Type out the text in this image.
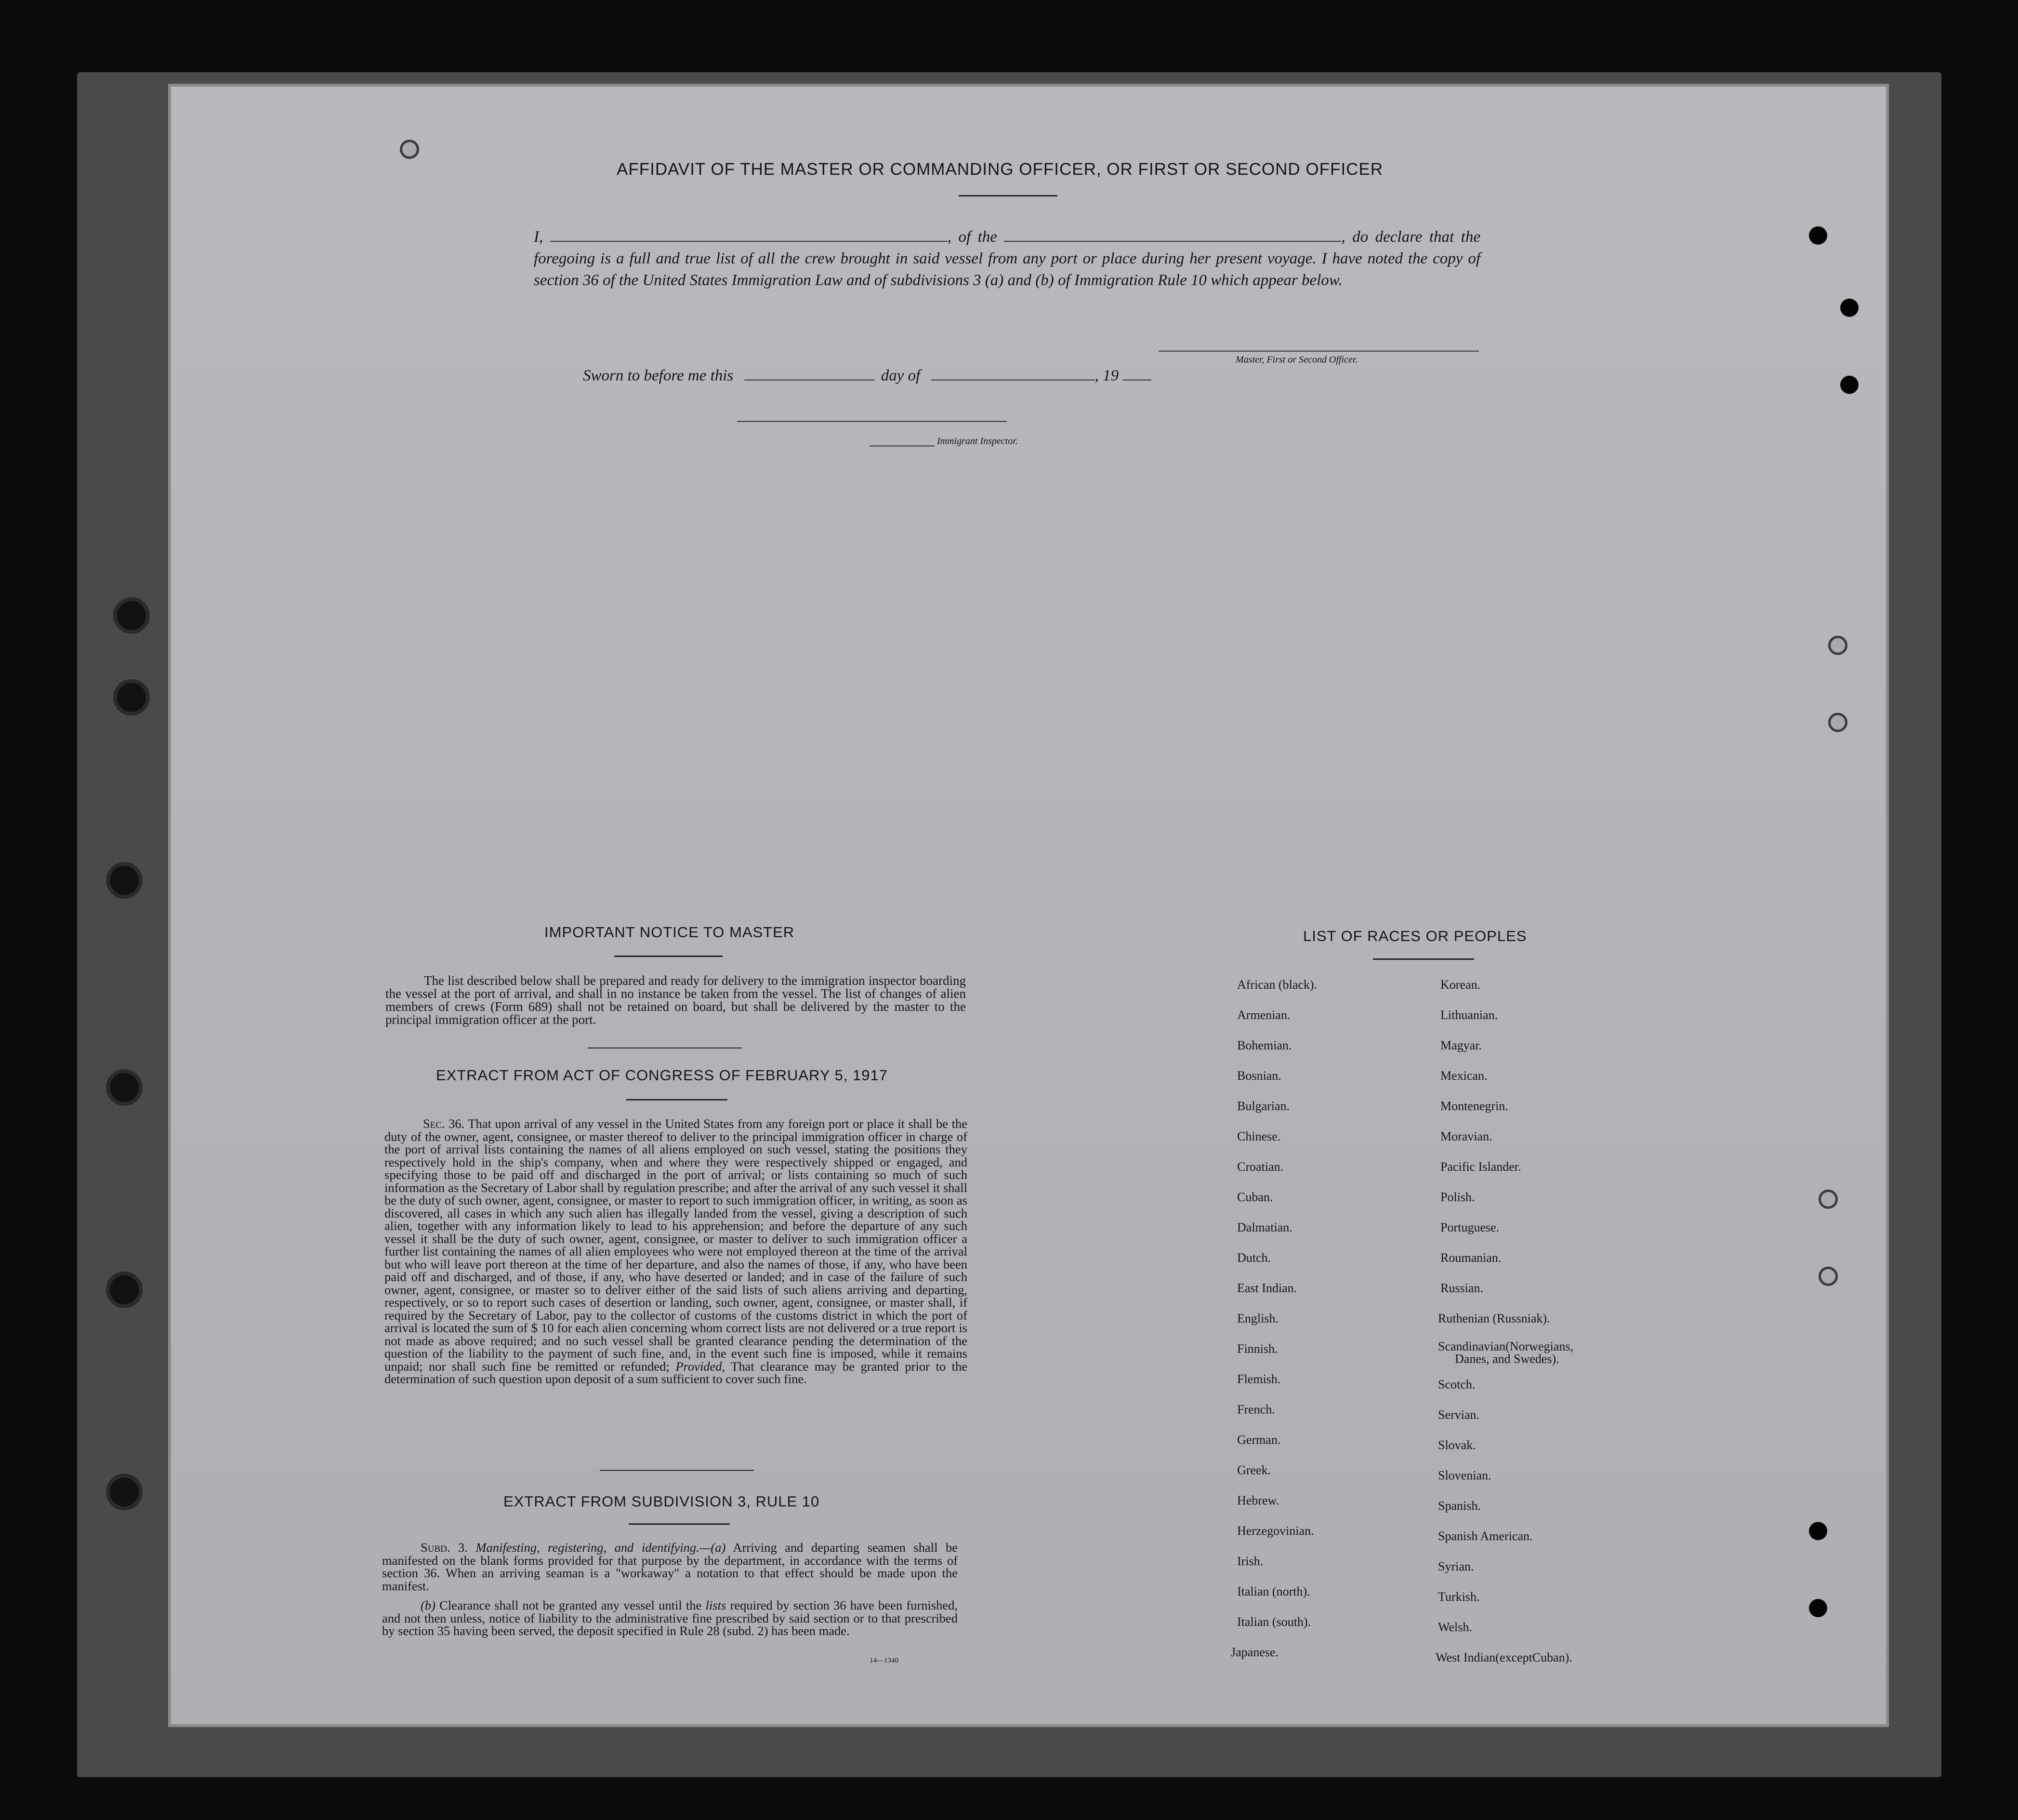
AFFIDAVIT OF THE MASTER OR COMMANDING OFFICER, OR FIRST OR SECOND OFFICER
I,	, of the	, do declare that the foregoing is a full and true list of all the crew brought in said vessel from any port or place during her present voyage. I have noted the copy of section 36 of the United States Immigration Law and of subdivisions 3 (a) and (b) of Immigration Rule 10 which appear below.
Master, First or Second Officer.
Sworn to before me this	day of	, 19
Immigrant Inspector.
IMPORTANT NOTICE TO MASTER
The list described below shall be prepared and ready for delivery to the immigration inspector boarding the vessel at the port of arrival, and shall in no instance be taken from the vessel. The list of changes of alien members of crews (Form 689) shall not be retained on board, but shall be delivered by the master to the principal immigration officer at the port.
EXTRACT FROM ACT OF CONGRESS OF FEBRUARY 5, 1917
Sec. 36. That upon arrival of any vessel in the United States from any foreign port or place it shall be the duty of the owner, agent, consignee, or master thereof to deliver to the principal immigration officer in charge of the port of arrival lists containing the names of all aliens employed on such vessel, stating the positions they respectively hold in the ship's company, when and where they were respectively shipped or engaged, and specifying those to be paid off and discharged in the port of arrival; or lists containing so much of such information as the Secretary of Labor shall by regulation prescribe; and after the arrival of any such vessel it shall be the duty of such owner, agent, consignee, or master to report to such immigration officer, in writing, as soon as discovered, all cases in which any such alien has illegally landed from the vessel, giving a description of such alien, together with any information likely to lead to his apprehension; and before the departure of any such vessel it shall be the duty of such owner, agent, consignee, or master to deliver to such immigration officer a further list containing the names of all alien employees who were not employed thereon at the time of the arrival but who will leave port thereon at the time of her departure, and also the names of those, if any, who have been paid off and discharged, and of those, if any, who have deserted or landed; and in case of the failure of such owner, agent, consignee, or master so to deliver either of the said lists of such aliens arriving and departing, respectively, or so to report such cases of desertion or landing, such owner, agent, consignee, or master shall, if required by the Secretary of Labor, pay to the collector of customs of the customs district in which the port of arrival is located the sum of $ 10 for each alien concerning whom correct lists are not delivered or a true report is not made as above required; and no such vessel shall be granted clearance pending the determination of the question of the liability to the payment of such fine, and, in the event such fine is imposed, while it remains unpaid; nor shall such fine be remitted or refunded; Provided, That clearance may be granted prior to the determination of such question upon deposit of a sum sufficient to cover such fine.
EXTRACT FROM SUBDIVISION 3, RULE 10
Subd. 3. Manifesting, registering, and identifying.—(a) Arriving and departing seamen shall be manifested on the blank forms provided for that purpose by the department, in accordance with the terms of section 36. When an arriving seaman is a "workaway" a notation to that effect should be made upon the manifest.
(b) Clearance shall not be granted any vessel until the lists required by section 36 have been furnished, and not then unless, notice of liability to the administrative fine prescribed by said section or to that prescribed by section 35 having been served, the deposit specified in Rule 28 (subd. 2) has been made.
14—1340
LIST OF RACES OR PEOPLES
African (black).
Armenian.
Bohemian.
Bosnian.
Bulgarian.
Chinese.
Croatian.
Cuban.
Dalmatian.
Dutch.
East Indian.
English.
Finnish.
Flemish.
French.
German.
Greek.
Hebrew.
Herzegovinian.
Irish.
Italian (north).
Italian (south).
Japanese.
Korean.
Lithuanian.
Magyar.
Mexican.
Montenegrin.
Moravian.
Pacific Islander.
Polish.
Portuguese.
Roumanian.
Russian.
Ruthenian (Russniak).
Scandinavian(Norwegians,
Danes, and Swedes).
Scotch.
Servian.
Slovak.
Slovenian.
Spanish.
Spanish American.
Syrian.
Turkish.
Welsh.
West Indian(exceptCuban).
